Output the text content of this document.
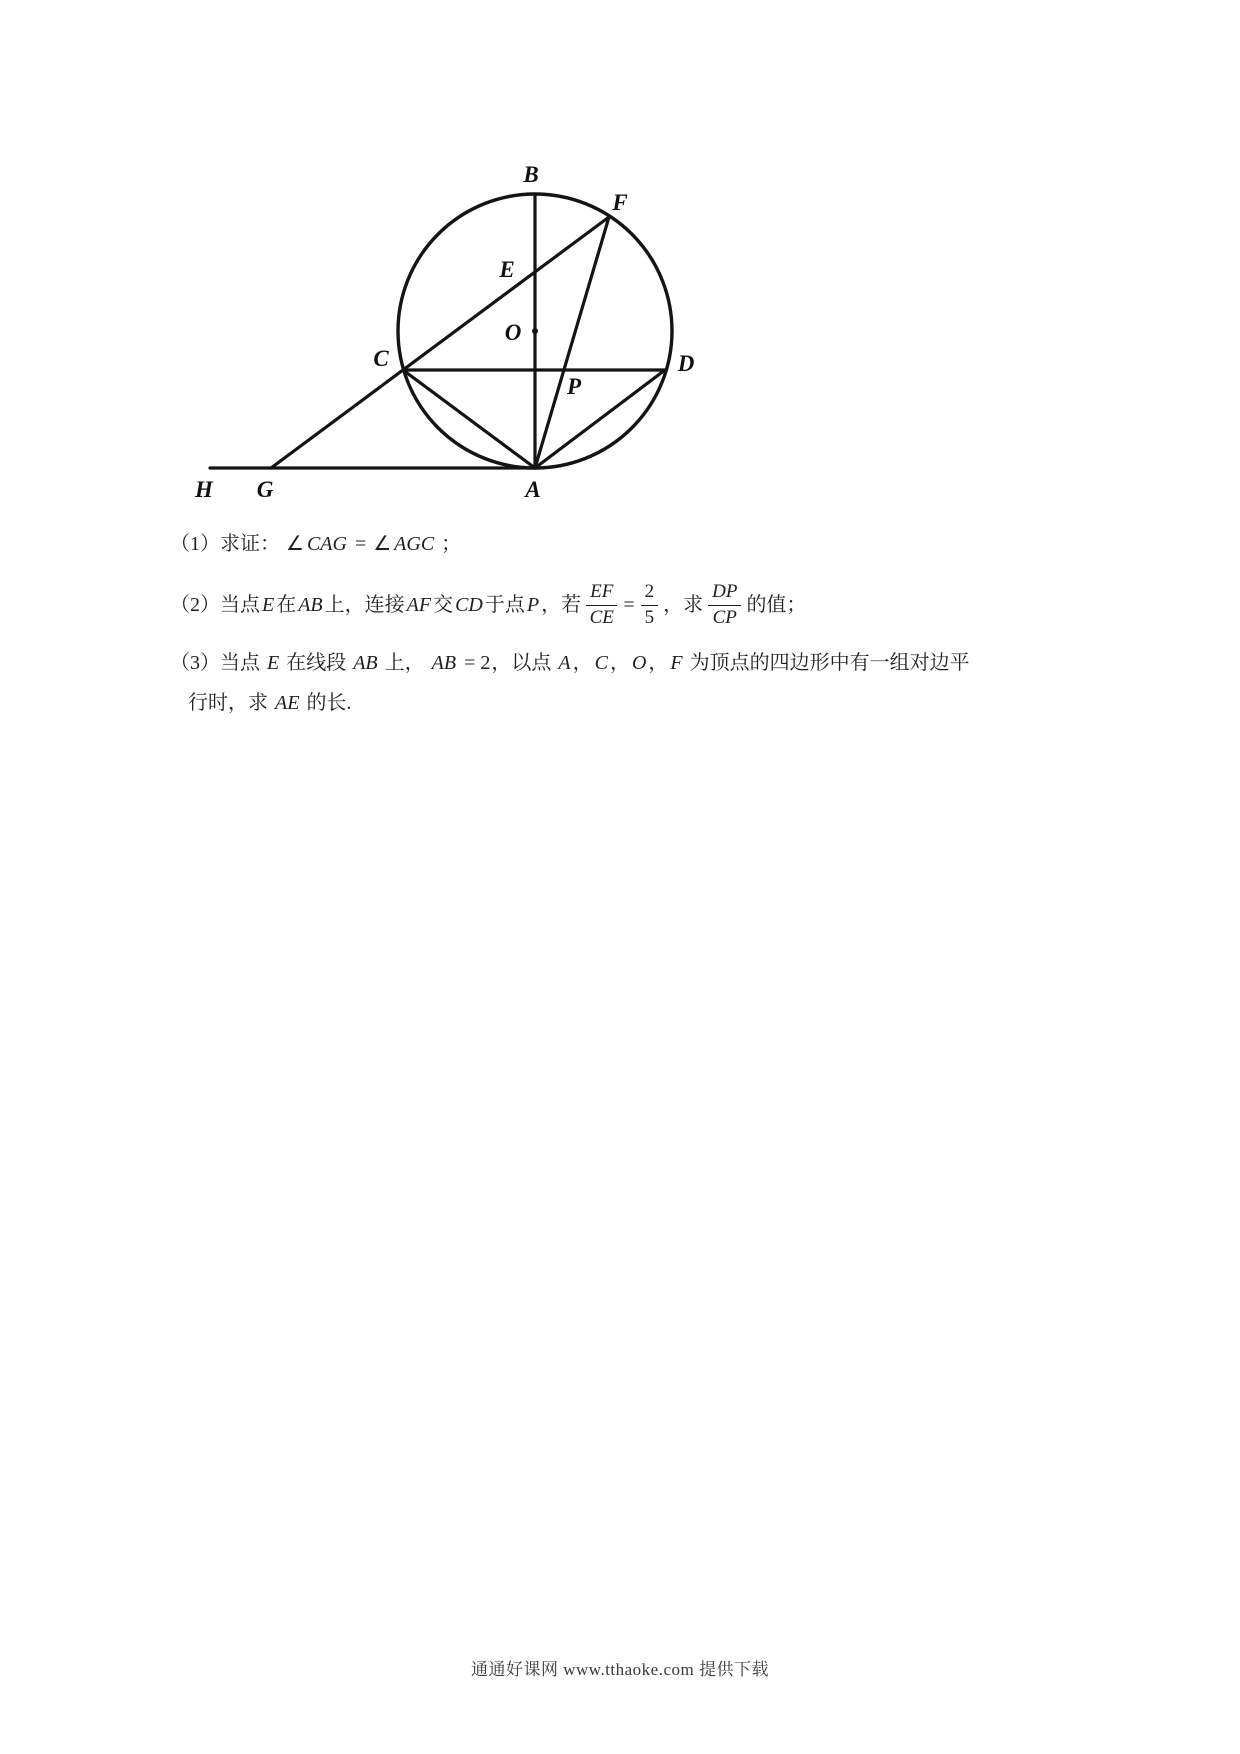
B
F
E
O
C	D
P
A
G
H
（1）求证： ∠ CAG = ∠ AGC ；
（2）当点 E 在 AB 上，连接 AF 交 CD 于点 P ，若 $\frac{EF}{CE} = \frac{2}{5}$ ，求 $\frac{DP}{CP}$ 的值；
（3）当点 E 在线段 AB 上， AB = 2，以点 A ， C ， O ， F 为顶点的四边形中有一组对边平
行时，求 AE 的长.
通通好课网 www.tthaoke.com 提供下载
